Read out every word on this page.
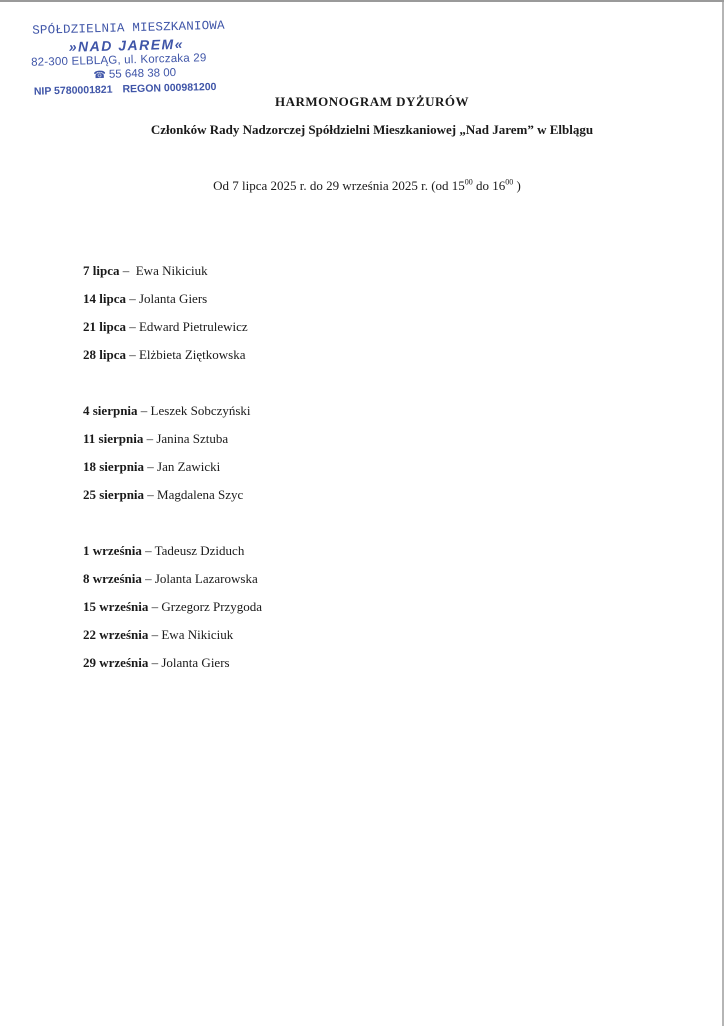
SPÓŁDZIELNIA MIESZKANIOWA
»NAD JAREM«
82-300 ELBLĄG, ul. Korczaka 29
☎ 55 648 38 00
NIP 5780001821 REGON 000981200
HARMONOGRAM DYŻURÓW
Członków Rady Nadzorczej Spółdzielni Mieszkaniowej „Nad Jarem” w Elblągu
Od 7 lipca 2025 r. do 29 września 2025 r. (od $15^{00}$ do $16^{00}$ )
7 lipca –  Ewa Nikiciuk
14 lipca – Jolanta Giers
21 lipca – Edward Pietrulewicz
28 lipca – Elżbieta Ziętkowska
4 sierpnia – Leszek Sobczyński
11 sierpnia – Janina Sztuba
18 sierpnia – Jan Zawicki
25 sierpnia – Magdalena Szyc
1 września – Tadeusz Dziduch
8 września – Jolanta Lazarowska
15 września – Grzegorz Przygoda
22 września – Ewa Nikiciuk
29 września – Jolanta Giers
